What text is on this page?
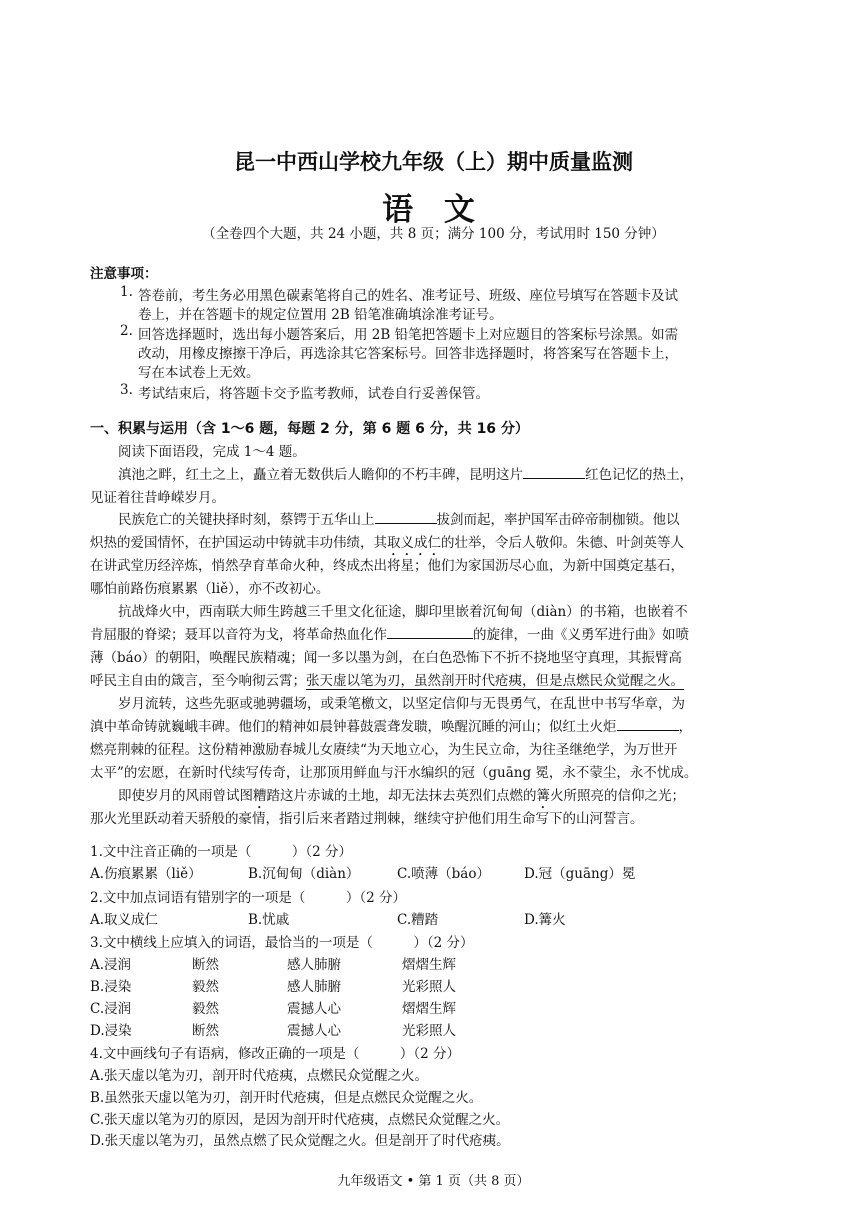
昆一中西山学校九年级（上）期中质量监测
语 文
（全卷四个大题，共 24 小题，共 8 页；满分 100 分，考试用时 150 分钟）
注意事项：
1. 答卷前，考生务必用黑色碳素笔将自己的姓名、准考证号、班级、座位号填写在答题卡及试
卷上，并在答题卡的规定位置用 2B 铅笔准确填涂准考证号。
2. 回答选择题时，选出每小题答案后，用 2B 铅笔把答题卡上对应题目的答案标号涂黑。如需
改动，用橡皮擦擦干净后，再选涂其它答案标号。回答非选择题时，将答案写在答题卡上，
写在本试卷上无效。
3. 考试结束后，将答题卡交予监考教师，试卷自行妥善保管。
一、积累与运用（含 1～6 题，每题 2 分，第 6 题 6 分，共 16 分）
阅读下面语段，完成 1～4 题。
滇池之畔，红土之上，矗立着无数供后人瞻仰的不朽丰碑，昆明这片	红色记忆的热土，
见证着往昔峥嵘岁月。
民族危亡的关键抉择时刻，蔡锷于五华山上	拔剑而起，率护国军击碎帝制枷锁。他以
炽热的爱国情怀，在护国运动中铸就丰功伟绩，其取义成仁的壮举，令后人敬仰。朱德、叶剑英等人
在讲武堂历经淬炼，悄然孕育革命火种，终成杰出将星；他们为家国沥尽心血，为新中国奠定基石，
哪怕前路伤痕累累（liě），亦不改初心。
抗战烽火中，西南联大师生跨越三千里文化征途，脚印里嵌着沉甸甸（diàn）的书箱，也嵌着不
肯屈服的脊梁；聂耳以音符为戈，将革命热血化作	的旋律，一曲《义勇军进行曲》如喷
薄（báo）的朝阳，唤醒民族精魂；闻一多以墨为剑，在白色恐怖下不折不挠地坚守真理，其振臂高
呼民主自由的箴言，至今响彻云霄；张天虚以笔为刃，虽然剖开时代疮痍，但是点燃民众觉醒之火。
岁月流转，这些先驱或驰骋疆场，或秉笔檄文，以坚定信仰与无畏勇气，在乱世中书写华章，为
滇中革命铸就巍峨丰碑。他们的精神如晨钟暮鼓震聋发聩，唤醒沉睡的河山；似红土火炬	，
燃亮荆棘的征程。这份精神激励春城儿女赓续“为天地立心，为生民立命，为往圣继绝学，为万世开
太平”的宏愿，在新时代续写传奇，让那顶用鲜血与汗水编织的冠（guāng 冕，永不蒙尘，永不忧成。
即使岁月的风雨曾试图糟踏这片赤诚的土地，却无法抹去英烈们点燃的篝火所照亮的信仰之光；
那火光里跃动着天骄般的豪情，指引后来者踏过荆棘，继续守护他们用生命写下的山河誓言。
1.文中注音正确的一项是（　　　）（2 分）
A.伤痕累累（liě）	B.沉甸甸（diàn）	C.喷薄（báo）	D.冠（guāng）冕
2.文中加点词语有错别字的一项是（　　　）（2 分）
A.取义成仁	B.忧戚	C.糟踏	D.篝火
3.文中横线上应填入的词语，最恰当的一项是（　　　）（2 分）
A.浸润	断然	感人肺腑	熠熠生辉
B.浸染	毅然	感人肺腑	光彩照人
C.浸润	毅然	震撼人心	熠熠生辉
D.浸染	断然	震撼人心	光彩照人
4.文中画线句子有语病，修改正确的一项是（　　　）（2 分）
A.张天虚以笔为刃，剖开时代疮痍，点燃民众觉醒之火。
B.虽然张天虚以笔为刃，剖开时代疮痍，但是点燃民众觉醒之火。
C.张天虚以笔为刃的原因，是因为剖开时代疮痍，点燃民众觉醒之火。
D.张天虚以笔为刃，虽然点燃了民众觉醒之火。但是剖开了时代疮痍。
九年级语文 • 第 1 页（共 8 页）
